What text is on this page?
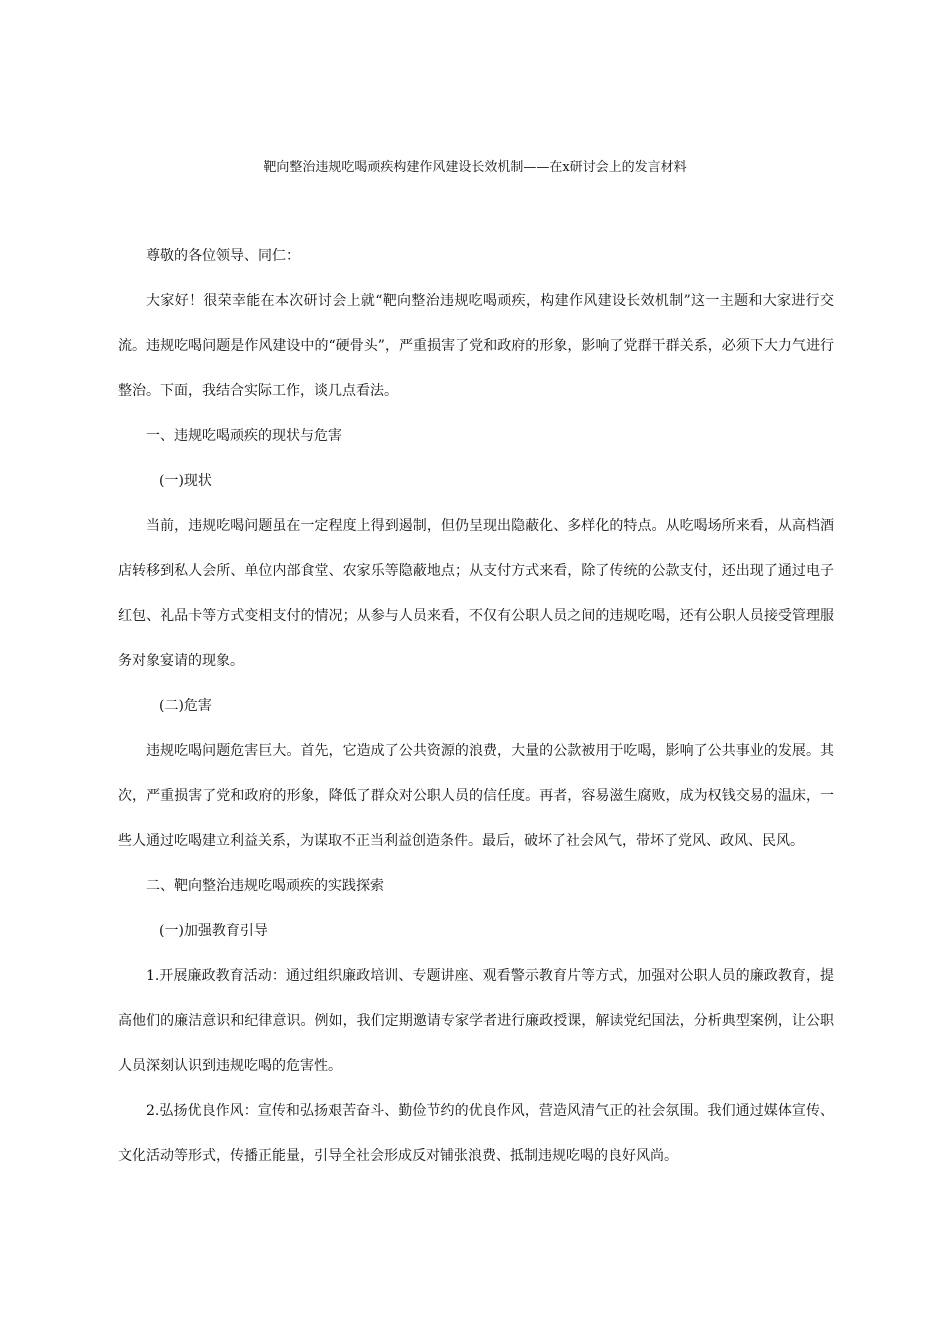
靶向整治违规吃喝顽疾构建作风建设长效机制——在x研讨会上的发言材料

尊敬的各位领导、同仁：

大家好！很荣幸能在本次研讨会上就“靶向整治违规吃喝顽疾，构建作风建设长效机制”这一主题和大家进行交流。违规吃喝问题是作风建设中的“硬骨头”，严重损害了党和政府的形象，影响了党群干群关系，必须下大力气进行整治。下面，我结合实际工作，谈几点看法。

一、违规吃喝顽疾的现状与危害

(一)现状

当前，违规吃喝问题虽在一定程度上得到遏制，但仍呈现出隐蔽化、多样化的特点。从吃喝场所来看，从高档酒店转移到私人会所、单位内部食堂、农家乐等隐蔽地点；从支付方式来看，除了传统的公款支付，还出现了通过电子红包、礼品卡等方式变相支付的情况；从参与人员来看，不仅有公职人员之间的违规吃喝，还有公职人员接受管理服务对象宴请的现象。

(二)危害

违规吃喝问题危害巨大。首先，它造成了公共资源的浪费，大量的公款被用于吃喝，影响了公共事业的发展。其次，严重损害了党和政府的形象，降低了群众对公职人员的信任度。再者，容易滋生腐败，成为权钱交易的温床，一些人通过吃喝建立利益关系，为谋取不正当利益创造条件。最后，破坏了社会风气，带坏了党风、政风、民风。

二、靶向整治违规吃喝顽疾的实践探索

(一)加强教育引导

1.开展廉政教育活动：通过组织廉政培训、专题讲座、观看警示教育片等方式，加强对公职人员的廉政教育，提高他们的廉洁意识和纪律意识。例如，我们定期邀请专家学者进行廉政授课，解读党纪国法，分析典型案例，让公职人员深刻认识到违规吃喝的危害性。

2.弘扬优良作风：宣传和弘扬艰苦奋斗、勤俭节约的优良作风，营造风清气正的社会氛围。我们通过媒体宣传、文化活动等形式，传播正能量，引导全社会形成反对铺张浪费、抵制违规吃喝的良好风尚。
